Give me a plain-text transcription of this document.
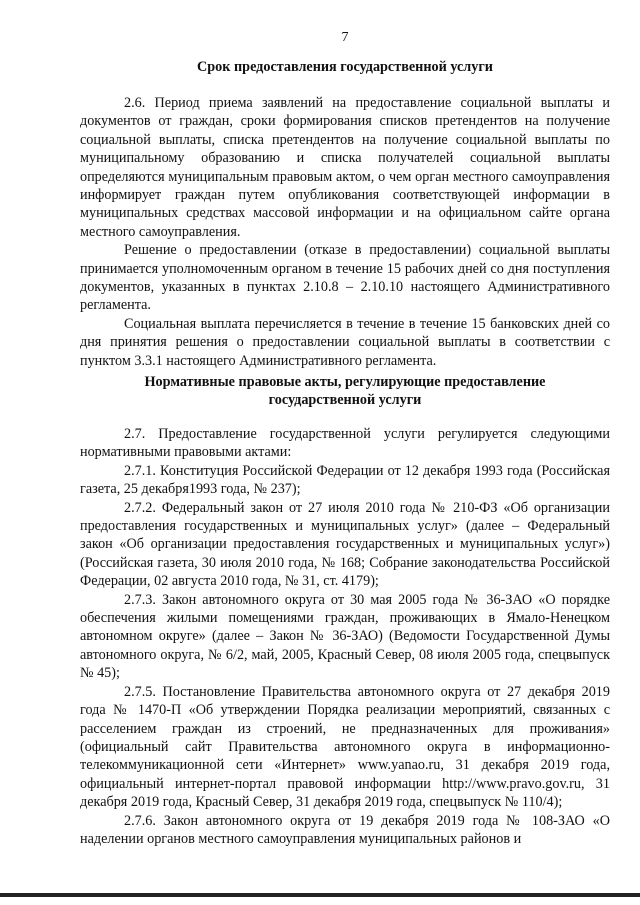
7
Срок предоставления государственной услуги

2.6. Период приема заявлений на предоставление социальной выплаты и документов от граждан, сроки формирования списков претендентов на получение социальной выплаты, списка претендентов на получение социальной выплаты по муниципальному образованию и списка получателей социальной выплаты определяются муниципальным правовым актом, о чем орган местного самоуправления информирует граждан путем опубликования соответствующей информации в муниципальных средствах массовой информации и на официальном сайте органа местного самоуправления.

Решение о предоставлении (отказе в предоставлении) социальной выплаты принимается уполномоченным органом в течение 15 рабочих дней со дня поступления документов, указанных в пунктах 2.10.8 – 2.10.10 настоящего Административного регламента.

Социальная выплата перечисляется в течение в течение 15 банковских дней со дня принятия решения о предоставлении социальной выплаты в соответствии с пунктом 3.3.1 настоящего Административного регламента.

Нормативные правовые акты, регулирующие предоставление
государственной услуги

2.7. Предоставление государственной услуги регулируется следующими нормативными правовыми актами:

2.7.1. Конституция Российской Федерации от 12 декабря 1993 года (Российская газета, 25 декабря1993 года, № 237);

2.7.2. Федеральный закон от 27 июля 2010 года № 210-ФЗ «Об организации предоставления государственных и муниципальных услуг» (далее – Федеральный закон «Об организации предоставления государственных и муниципальных услуг») (Российская газета, 30 июля 2010 года, № 168; Собрание законодательства Российской Федерации, 02 августа 2010 года, № 31, ст. 4179);

2.7.3. Закон автономного округа от 30 мая 2005 года № 36-ЗАО «О порядке обеспечения жилыми помещениями граждан, проживающих в Ямало-Ненецком автономном округе» (далее – Закон № 36-ЗАО) (Ведомости Государственной Думы автономного округа, № 6/2, май, 2005, Красный Север, 08 июля 2005 года, спецвыпуск № 45);

2.7.5. Постановление Правительства автономного округа от 27 декабря 2019 года № 1470-П «Об утверждении Порядка реализации мероприятий, связанных с расселением граждан из строений, не предназначенных для проживания» (официальный сайт Правительства автономного округа в информационно-телекоммуникационной сети «Интернет» www.yanao.ru, 31 декабря 2019 года, официальный интернет-портал правовой информации http://www.pravo.gov.ru, 31 декабря 2019 года, Красный Север, 31 декабря 2019 года, спецвыпуск № 110/4);

2.7.6. Закон автономного округа от 19 декабря 2019 года № 108-ЗАО «О наделении органов местного самоуправления муниципальных районов и
